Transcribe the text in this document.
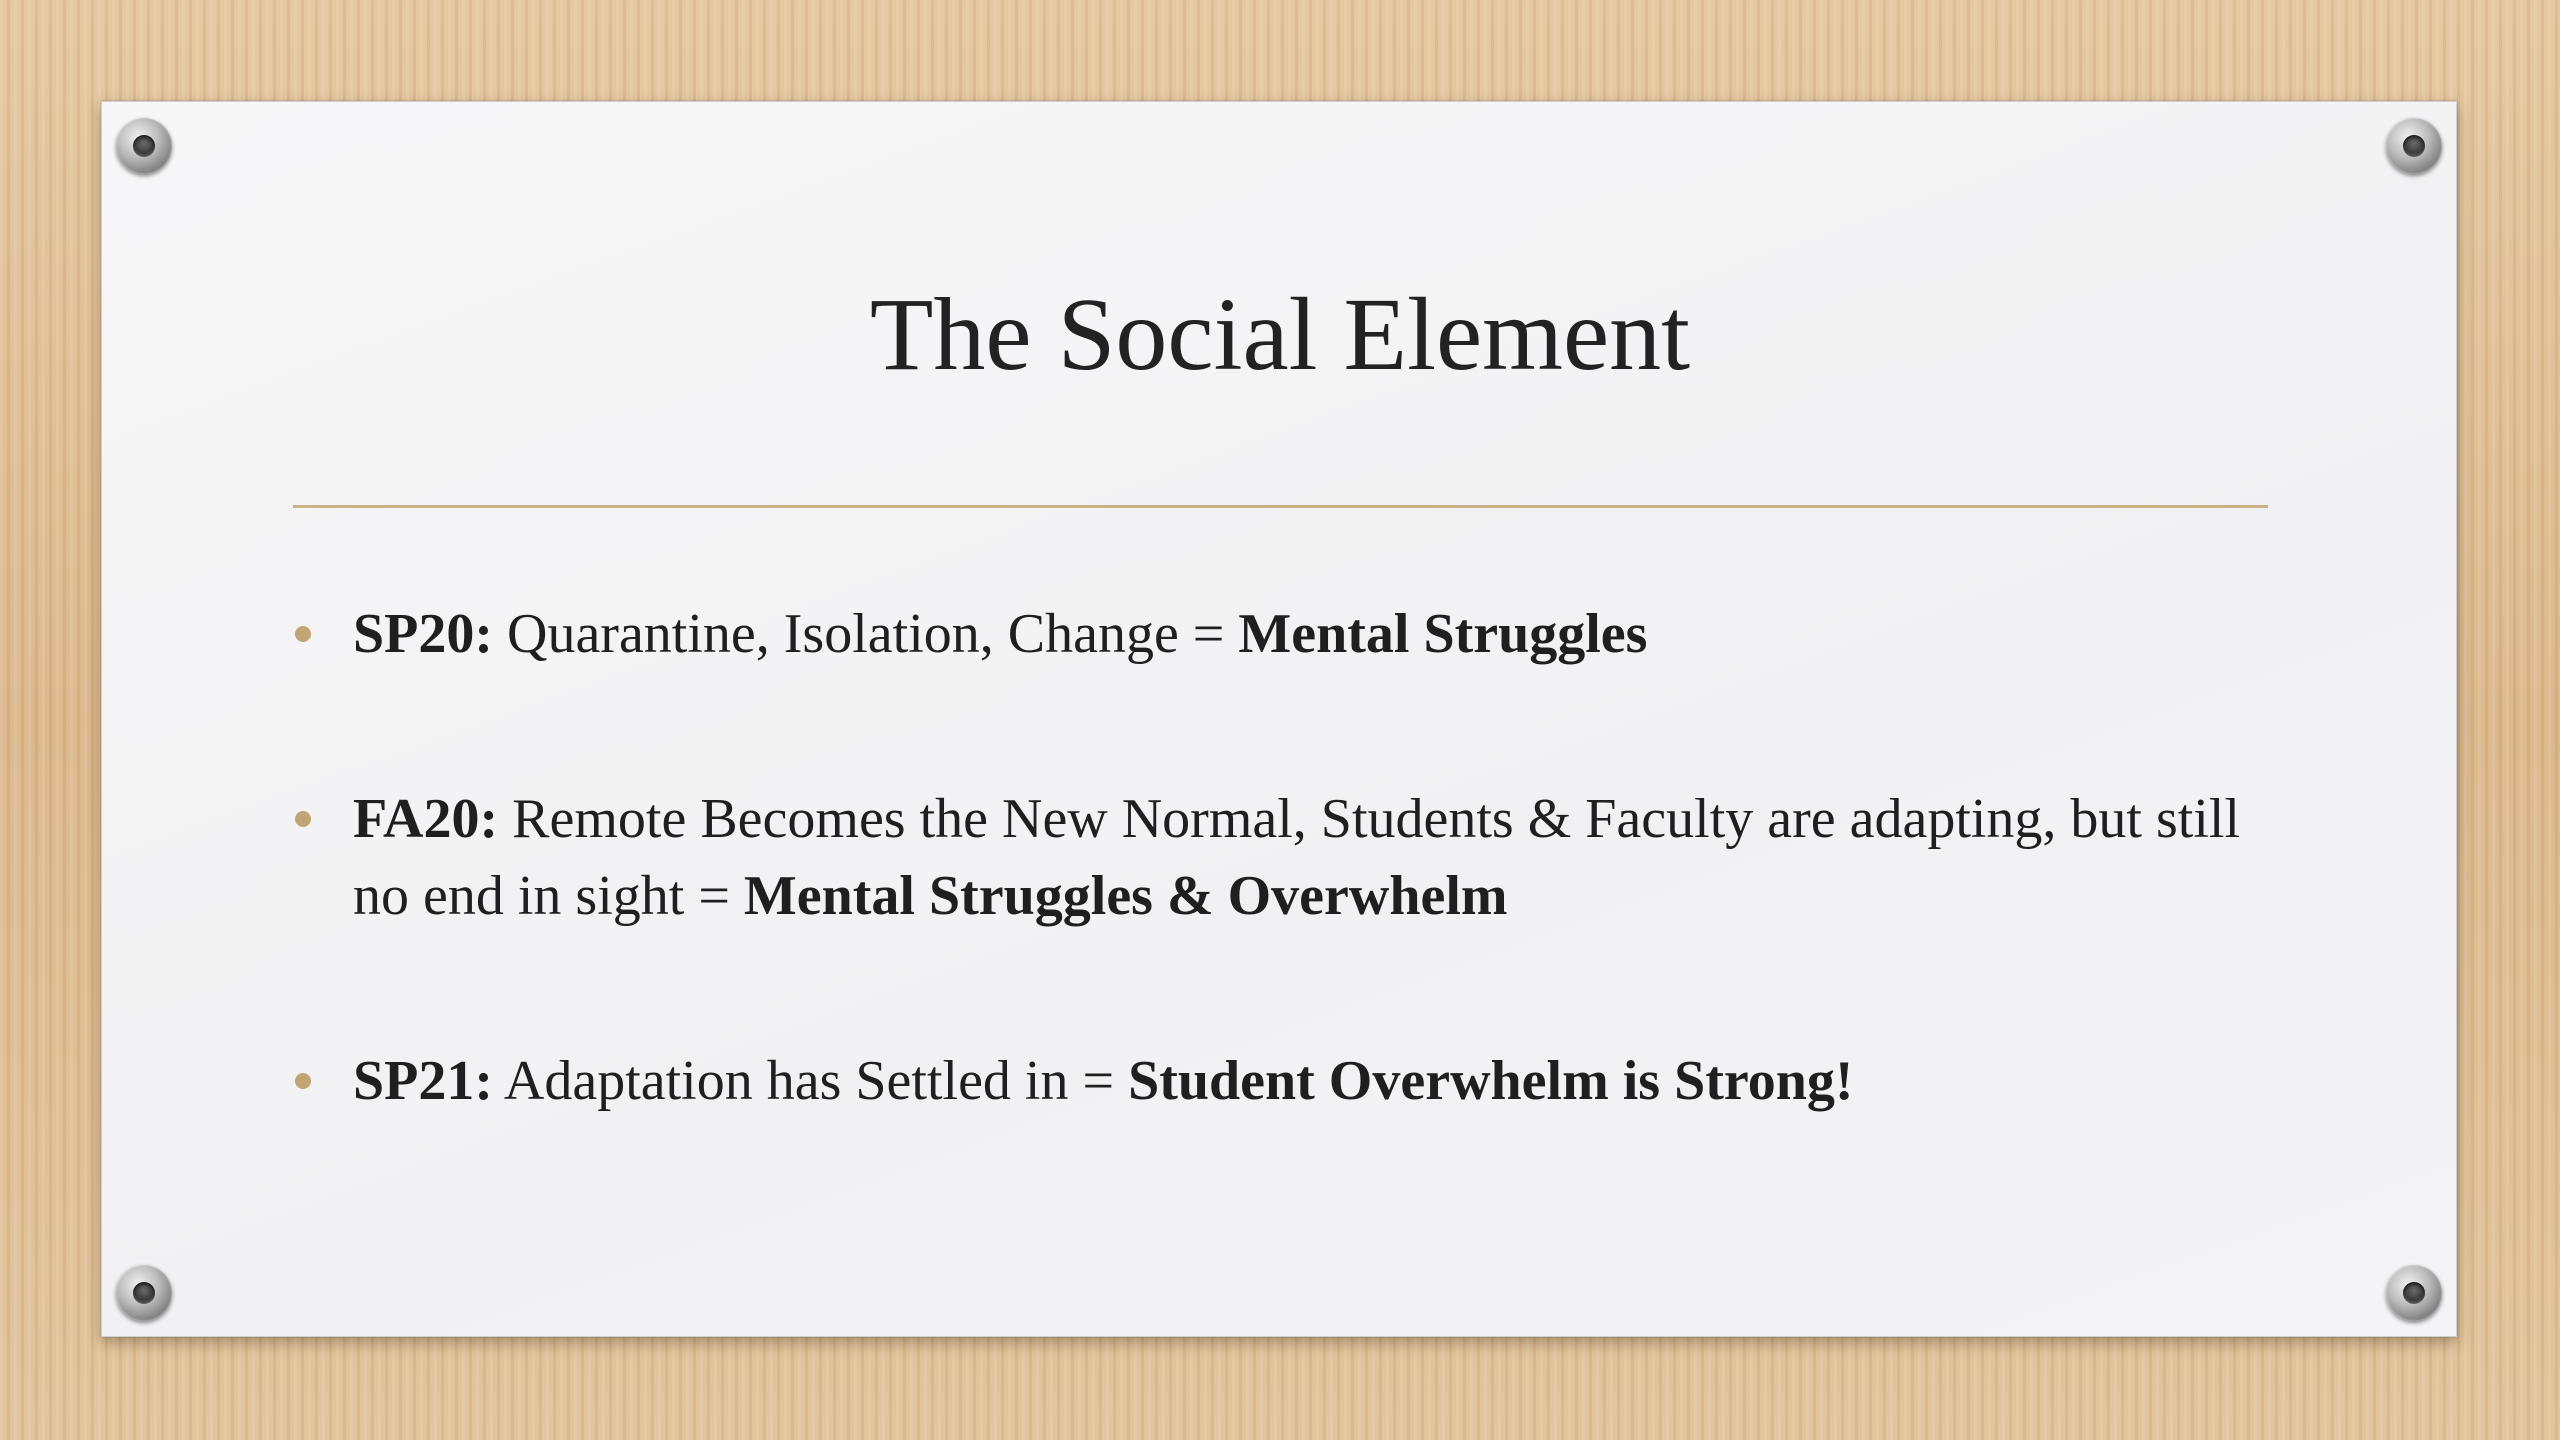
The Social Element
SP20: Quarantine, Isolation, Change = Mental Struggles
FA20: Remote Becomes the New Normal, Students & Faculty are adapting, but still no end in sight = Mental Struggles & Overwhelm
SP21: Adaptation has Settled in = Student Overwhelm is Strong!
